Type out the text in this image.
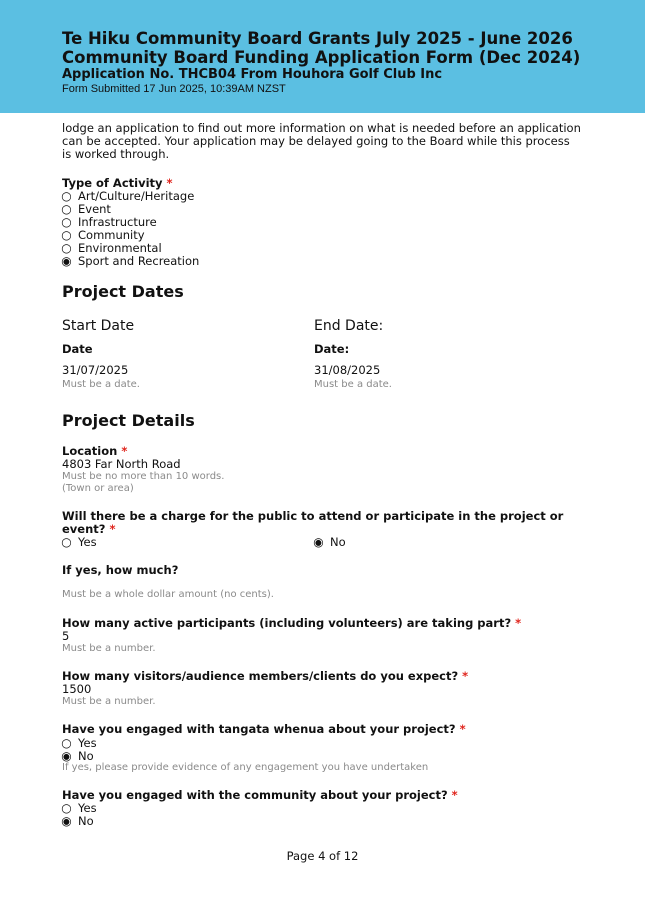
Te Hiku Community Board Grants July 2025 - June 2026
Community Board Funding Application Form (Dec 2024)
Application No. THCB04 From Houhora Golf Club Inc
Form Submitted 17 Jun 2025, 10:39AM NZST
lodge an application to find out more information on what is needed before an application can be accepted. Your application may be delayed going to the Board while this process is worked through.
Type of Activity *
○ Art/Culture/Heritage
○ Event
○ Infrastructure
○ Community
○ Environmental
◉ Sport and Recreation
Project Dates
Start Date
Date
31/07/2025
Must be a date.
End Date:
Date:
31/08/2025
Must be a date.
Project Details
Location *
4803 Far North Road
Must be no more than 10 words.
(Town or area)
Will there be a charge for the public to attend or participate in the project or
event? *
○ Yes	◉ No
If yes, how much?
Must be a whole dollar amount (no cents).
How many active participants (including volunteers) are taking part? *
5
Must be a number.
How many visitors/audience members/clients do you expect? *
1500
Must be a number.
Have you engaged with tangata whenua about your project? *
○ Yes
◉ No
If yes, please provide evidence of any engagement you have undertaken
Have you engaged with the community about your project? *
○ Yes
◉ No
Page 4 of 12
